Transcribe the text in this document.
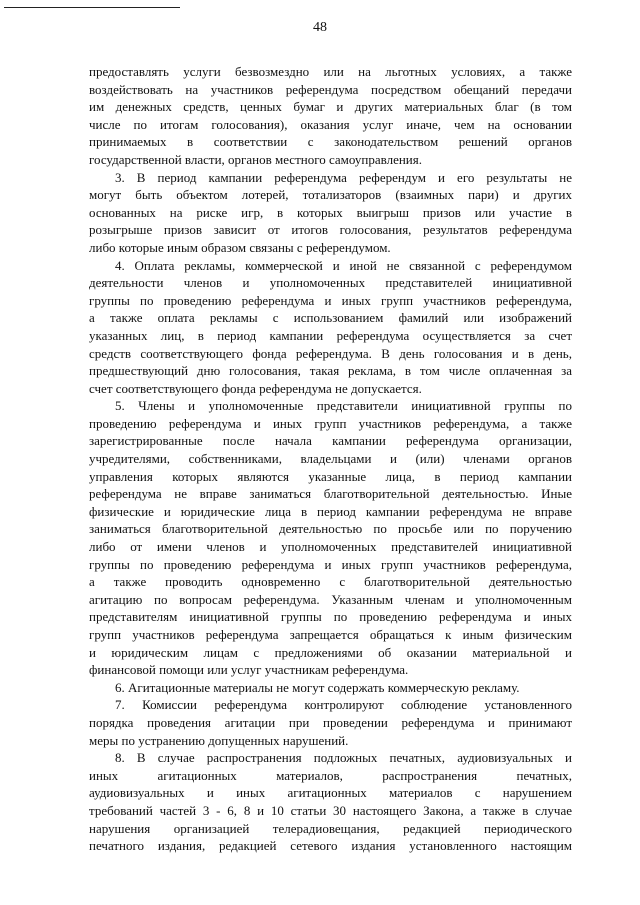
48
предоставлять услуги безвозмездно или на льготных условиях, а также
воздействовать на участников референдума посредством обещаний передачи
им денежных средств, ценных бумаг и других материальных благ (в том
числе по итогам голосования), оказания услуг иначе, чем на основании
принимаемых в соответствии с законодательством решений органов
государственной власти, органов местного самоуправления.
3. В период кампании референдума референдум и его результаты не
могут быть объектом лотерей, тотализаторов (взаимных пари) и других
основанных на риске игр, в которых выигрыш призов или участие в
розыгрыше призов зависит от итогов голосования, результатов референдума
либо которые иным образом связаны с референдумом.
4. Оплата рекламы, коммерческой и иной не связанной с референдумом
деятельности членов и уполномоченных представителей инициативной
группы по проведению референдума и иных групп участников референдума,
а также оплата рекламы с использованием фамилий или изображений
указанных лиц, в период кампании референдума осуществляется за счет
средств соответствующего фонда референдума. В день голосования и в день,
предшествующий дню голосования, такая реклама, в том числе оплаченная за
счет соответствующего фонда референдума не допускается.
5. Члены и уполномоченные представители инициативной группы по
проведению референдума и иных групп участников референдума, а также
зарегистрированные после начала кампании референдума организации,
учредителями, собственниками, владельцами и (или) членами органов
управления которых являются указанные лица, в период кампании
референдума не вправе заниматься благотворительной деятельностью. Иные
физические и юридические лица в период кампании референдума не вправе
заниматься благотворительной деятельностью по просьбе или по поручению
либо от имени членов и уполномоченных представителей инициативной
группы по проведению референдума и иных групп участников референдума,
а также проводить одновременно с благотворительной деятельностью
агитацию по вопросам референдума. Указанным членам и уполномоченным
представителям инициативной группы по проведению референдума и иных
групп участников референдума запрещается обращаться к иным физическим
и юридическим лицам с предложениями об оказании материальной и
финансовой помощи или услуг участникам референдума.
6. Агитационные материалы не могут содержать коммерческую рекламу.
7. Комиссии референдума контролируют соблюдение установленного
порядка проведения агитации при проведении референдума и принимают
меры по устранению допущенных нарушений.
8. В случае распространения подложных печатных, аудиовизуальных и
иных агитационных материалов, распространения печатных,
аудиовизуальных и иных агитационных материалов с нарушением
требований частей 3 - 6, 8 и 10 статьи 30 настоящего Закона, а также в случае
нарушения организацией телерадиовещания, редакцией периодического
печатного издания, редакцией сетевого издания установленного настоящим
